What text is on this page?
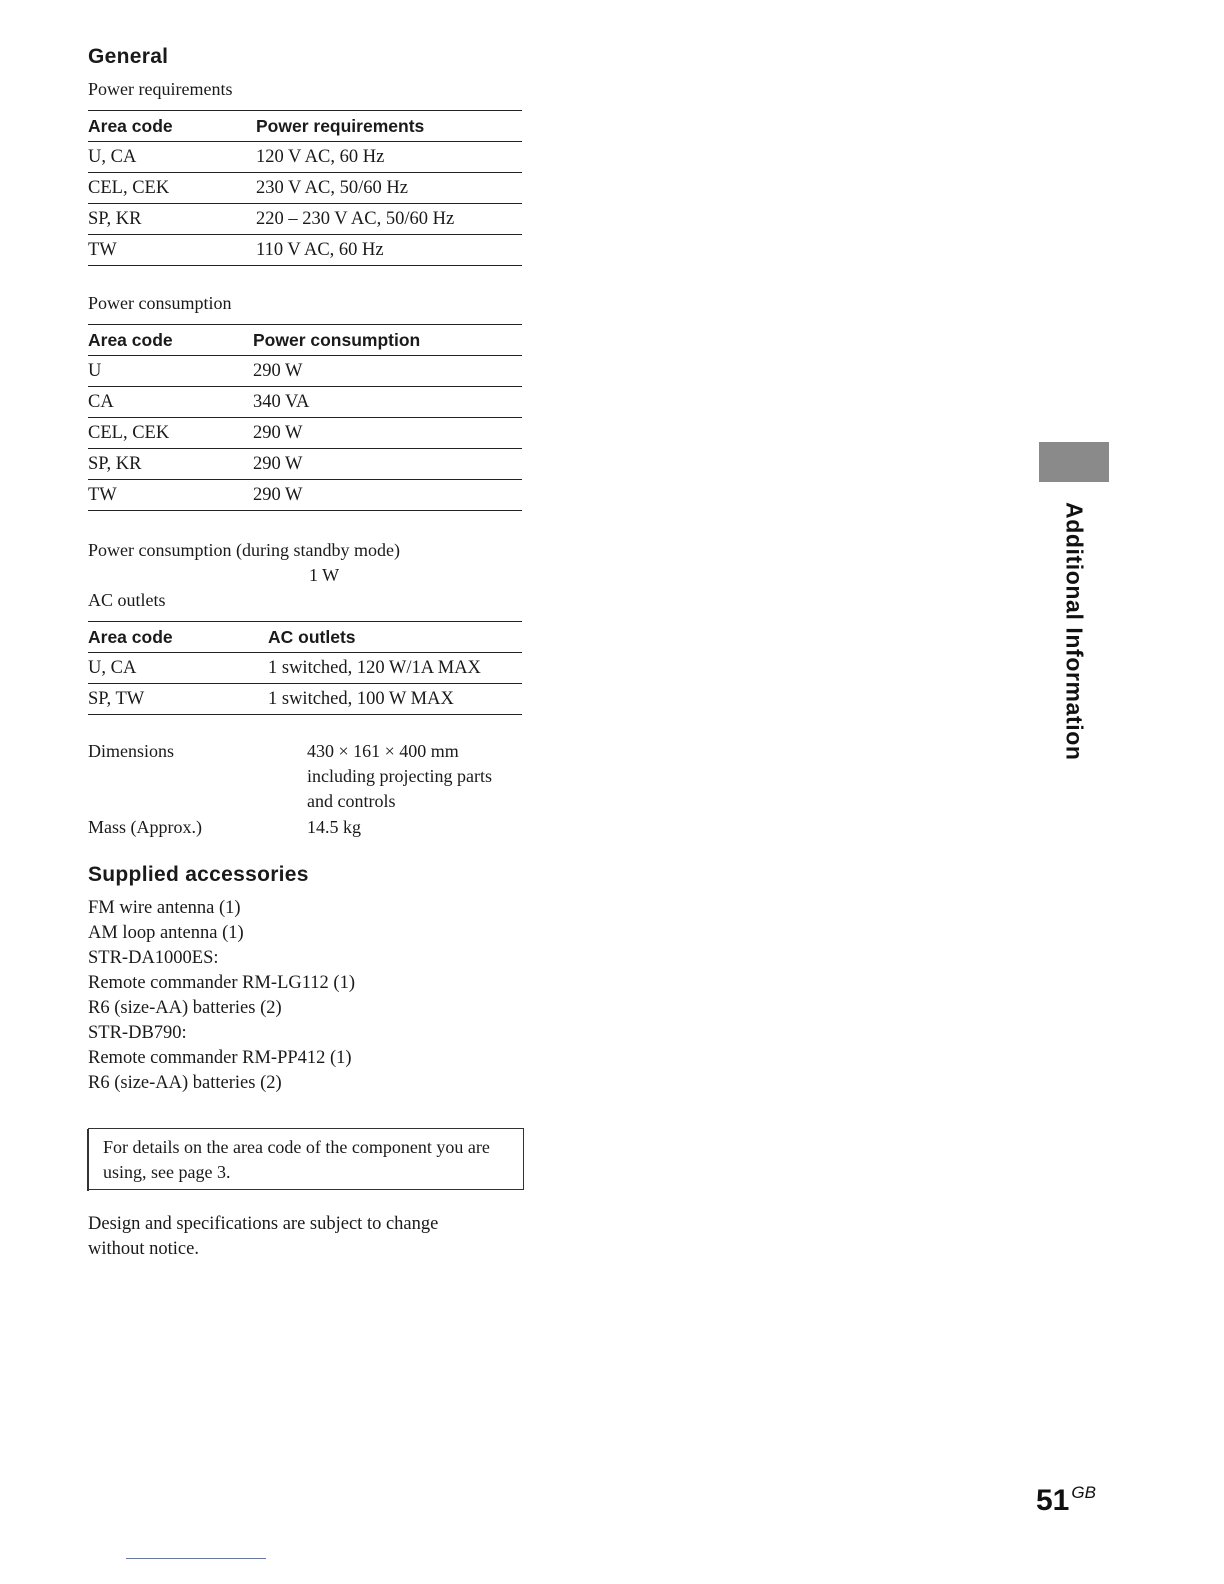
General
Power requirements
Area code	Power requirements
U, CA	120 V AC, 60 Hz
CEL, CEK	230 V AC, 50/60 Hz
SP, KR	220 – 230 V AC, 50/60 Hz
TW	110 V AC, 60 Hz
Power consumption
Area code	Power consumption
U	290 W
CA	340 VA
CEL, CEK	290 W
SP, KR	290 W
TW	290 W
Power consumption (during standby mode)
1 W
AC outlets
Area code	AC outlets
U, CA	1 switched, 120 W/1A MAX
SP, TW	1 switched, 100 W MAX
Dimensions	430 × 161 × 400 mm
including projecting parts
and controls
Mass (Approx.)	14.5 kg
Supplied accessories
FM wire antenna (1)
AM loop antenna (1)
STR-DA1000ES:
Remote commander RM-LG112 (1)
R6 (size-AA) batteries (2)
STR-DB790:
Remote commander RM-PP412 (1)
R6 (size-AA) batteries (2)
For details on the area code of the component you are
using, see page 3.
Design and specifications are subject to change
without notice.
Additional Information
51 $^{GB}$
